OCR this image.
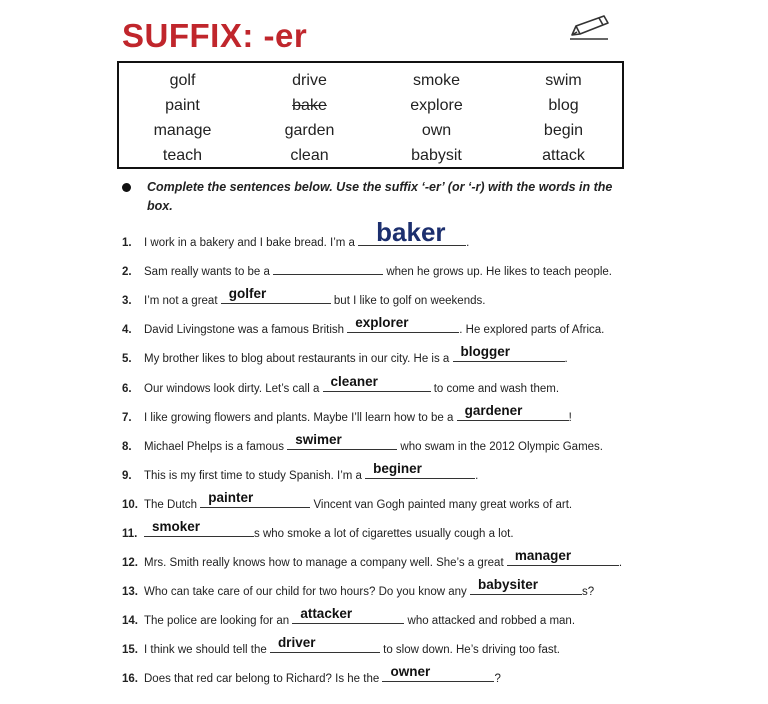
SUFFIX: -er
golf	drive	smoke	swim
paint	bake	explore	blog
manage	garden	own	begin
teach	clean	babysit	attack
Complete the sentences below. Use the suffix ‘-er’ (or ‘-r) with the words in the box.
1. I work in a bakery and I bake bread. I’m a baker .
2. Sam really wants to be a	when he grows up. He likes to teach people.
3. I’m not a great golfer	but I like to golf on weekends.
4. David Livingstone was a famous British explorer	. He explored parts of Africa.
5. My brother likes to blog about restaurants in our city. He is a blogger	.
6. Our windows look dirty. Let’s call a cleaner	to come and wash them.
7. I like growing flowers and plants. Maybe I’ll learn how to be a gardener	!
8. Michael Phelps is a famous swimer	who swam in the 2012 Olympic Games.
9. This is my first time to study Spanish. I’m a beginer	.
10. The Dutch painter	Vincent van Gogh painted many great works of art.
11. smoker	s who smoke a lot of cigarettes usually cough a lot.
12. Mrs. Smith really knows how to manage a company well. She’s a great manager	.
13. Who can take care of our child for two hours? Do you know any babysiter	s?
14. The police are looking for an attacker	who attacked and robbed a man.
15. I think we should tell the driver	to slow down. He’s driving too fast.
16. Does that red car belong to Richard? Is he the owner	?
